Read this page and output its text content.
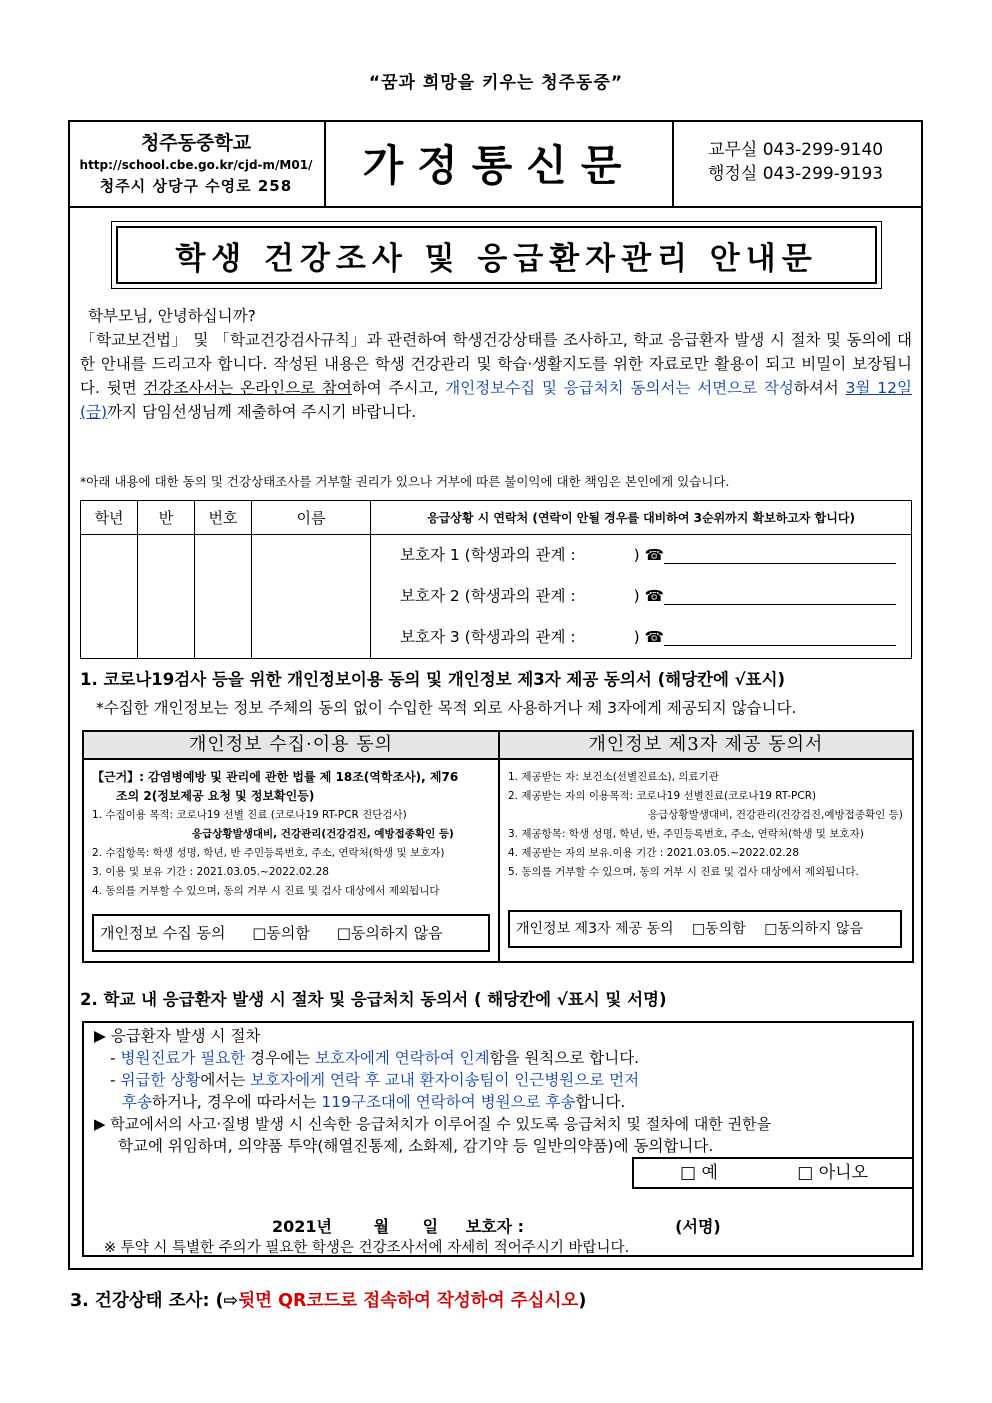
“꿈과 희망을 키우는 청주동중”
청주동중학교
http://school.cbe.go.kr/cjd-m/M01/
청주시 상당구 수영로 258	가정통신문	교무실 043-299-9140
행정실 043-299-9193
학생 건강조사 및 응급환자관리 안내문
학부모님, 안녕하십니까?
「학교보건법」 및 「학교건강검사규칙」과 관련하여 학생건강상태를 조사하고, 학교 응급환자 발생 시 절차 및 동의에 대한 안내를 드리고자 합니다. 작성된 내용은 학생 건강관리 및 학습·생활지도를 위한 자료로만 활용이 되고 비밀이 보장됩니다. 뒷면 건강조사서는 온라인으로 참여하여 주시고, 개인정보수집 및 응급처치 동의서는 서면으로 작성하셔서 3월 12일(금)까지 담임선생님께 제출하여 주시기 바랍니다.
*아래 내용에 대한 동의 및 건강상태조사를 거부할 권리가 있으나 거부에 따른 불이익에 대한 책임은 본인에게 있습니다.
학년	반	번호	이름	응급상황 시 연락처 (연락이 안될 경우를 대비하여 3순위까지 확보하고자 합니다)

				보호자 1 (학생과의 관계 : ) ☎
보호자 2 (학생과의 관계 : ) ☎
보호자 3 (학생과의 관계 : ) ☎
1. 코로나19검사 등을 위한 개인정보이용 동의 및 개인정보 제3자 제공 동의서 (해당칸에 √표시)
*수집한 개인정보는 정보 주체의 동의 없이 수입한 목적 외로 사용하거나 제 3자에게 제공되지 않습니다.
개인정보 수집·이용 동의
【근거】: 감염병예방 및 관리에 관한 법률 제 18조(역학조사), 제76
조의 2(정보제공 요청 및 정보확인등)
1. 수집이용 목적: 코로나19 선별 진료 (코로나19 RT-PCR 진단검사)
응급상황발생대비, 건강관리(건강검진, 예방접종확인 등)
2. 수집항목: 학생 성명, 학년, 반 주민등록번호, 주소, 연락처(학생 및 보호자)
3. 이용 및 보유 기간 : 2021.03.05.~2022.02.28
4. 동의를 거부할 수 있으며, 동의 거부 시 진료 및 검사 대상에서 제외됩니다
개인정보 수집 동의 □동의함 □동의하지 않음
개인정보 제3자 제공 동의서
1. 제공받는 자: 보건소(선별진료소), 의료기관
2. 제공받는 자의 이용목적: 코로나19 선별진료(코로나19 RT-PCR)
응급상황발생대비, 건강관리(건강검진,예방접종확인 등)
3. 제공항목: 학생 성명, 학년, 반, 주민등록번호, 주소, 연락처(학생 및 보호자)
4. 제공받는 자의 보유.이용 기간 : 2021.03.05.~2022.02.28
5. 동의를 거부할 수 있으며, 동의 거부 시 진료 및 검사 대상에서 제외됩니다.
개인정보 제3자 제공 동의 □동의함 □동의하지 않음
2. 학교 내 응급환자 발생 시 절차 및 응급처치 동의서 ( 해당칸에 √표시 및 서명)
▶ 응급환자 발생 시 절차
- 병원진료가 필요한 경우에는 보호자에게 연락하여 인계함을 원칙으로 합니다.
- 위급한 상황에서는 보호자에게 연락 후 교내 환자이송팀이 인근병원으로 먼저
후송하거나, 경우에 따라서는 119구조대에 연락하여 병원으로 후송합니다.
▶ 학교에서의 사고·질병 발생 시 신속한 응급처치가 이루어질 수 있도록 응급처치 및 절차에 대한 권한을
학교에 위임하며, 의약품 투약(해열진통제, 소화제, 감기약 등 일반의약품)에 동의합니다.
□ 예	□ 아니오
2021년	월 일 보호자 :	(서명)
※ 투약 시 특별한 주의가 필요한 학생은 건강조사서에 자세히 적어주시기 바랍니다.
3. 건강상태 조사: (⇨뒷면 QR코드로 접속하여 작성하여 주십시오)
